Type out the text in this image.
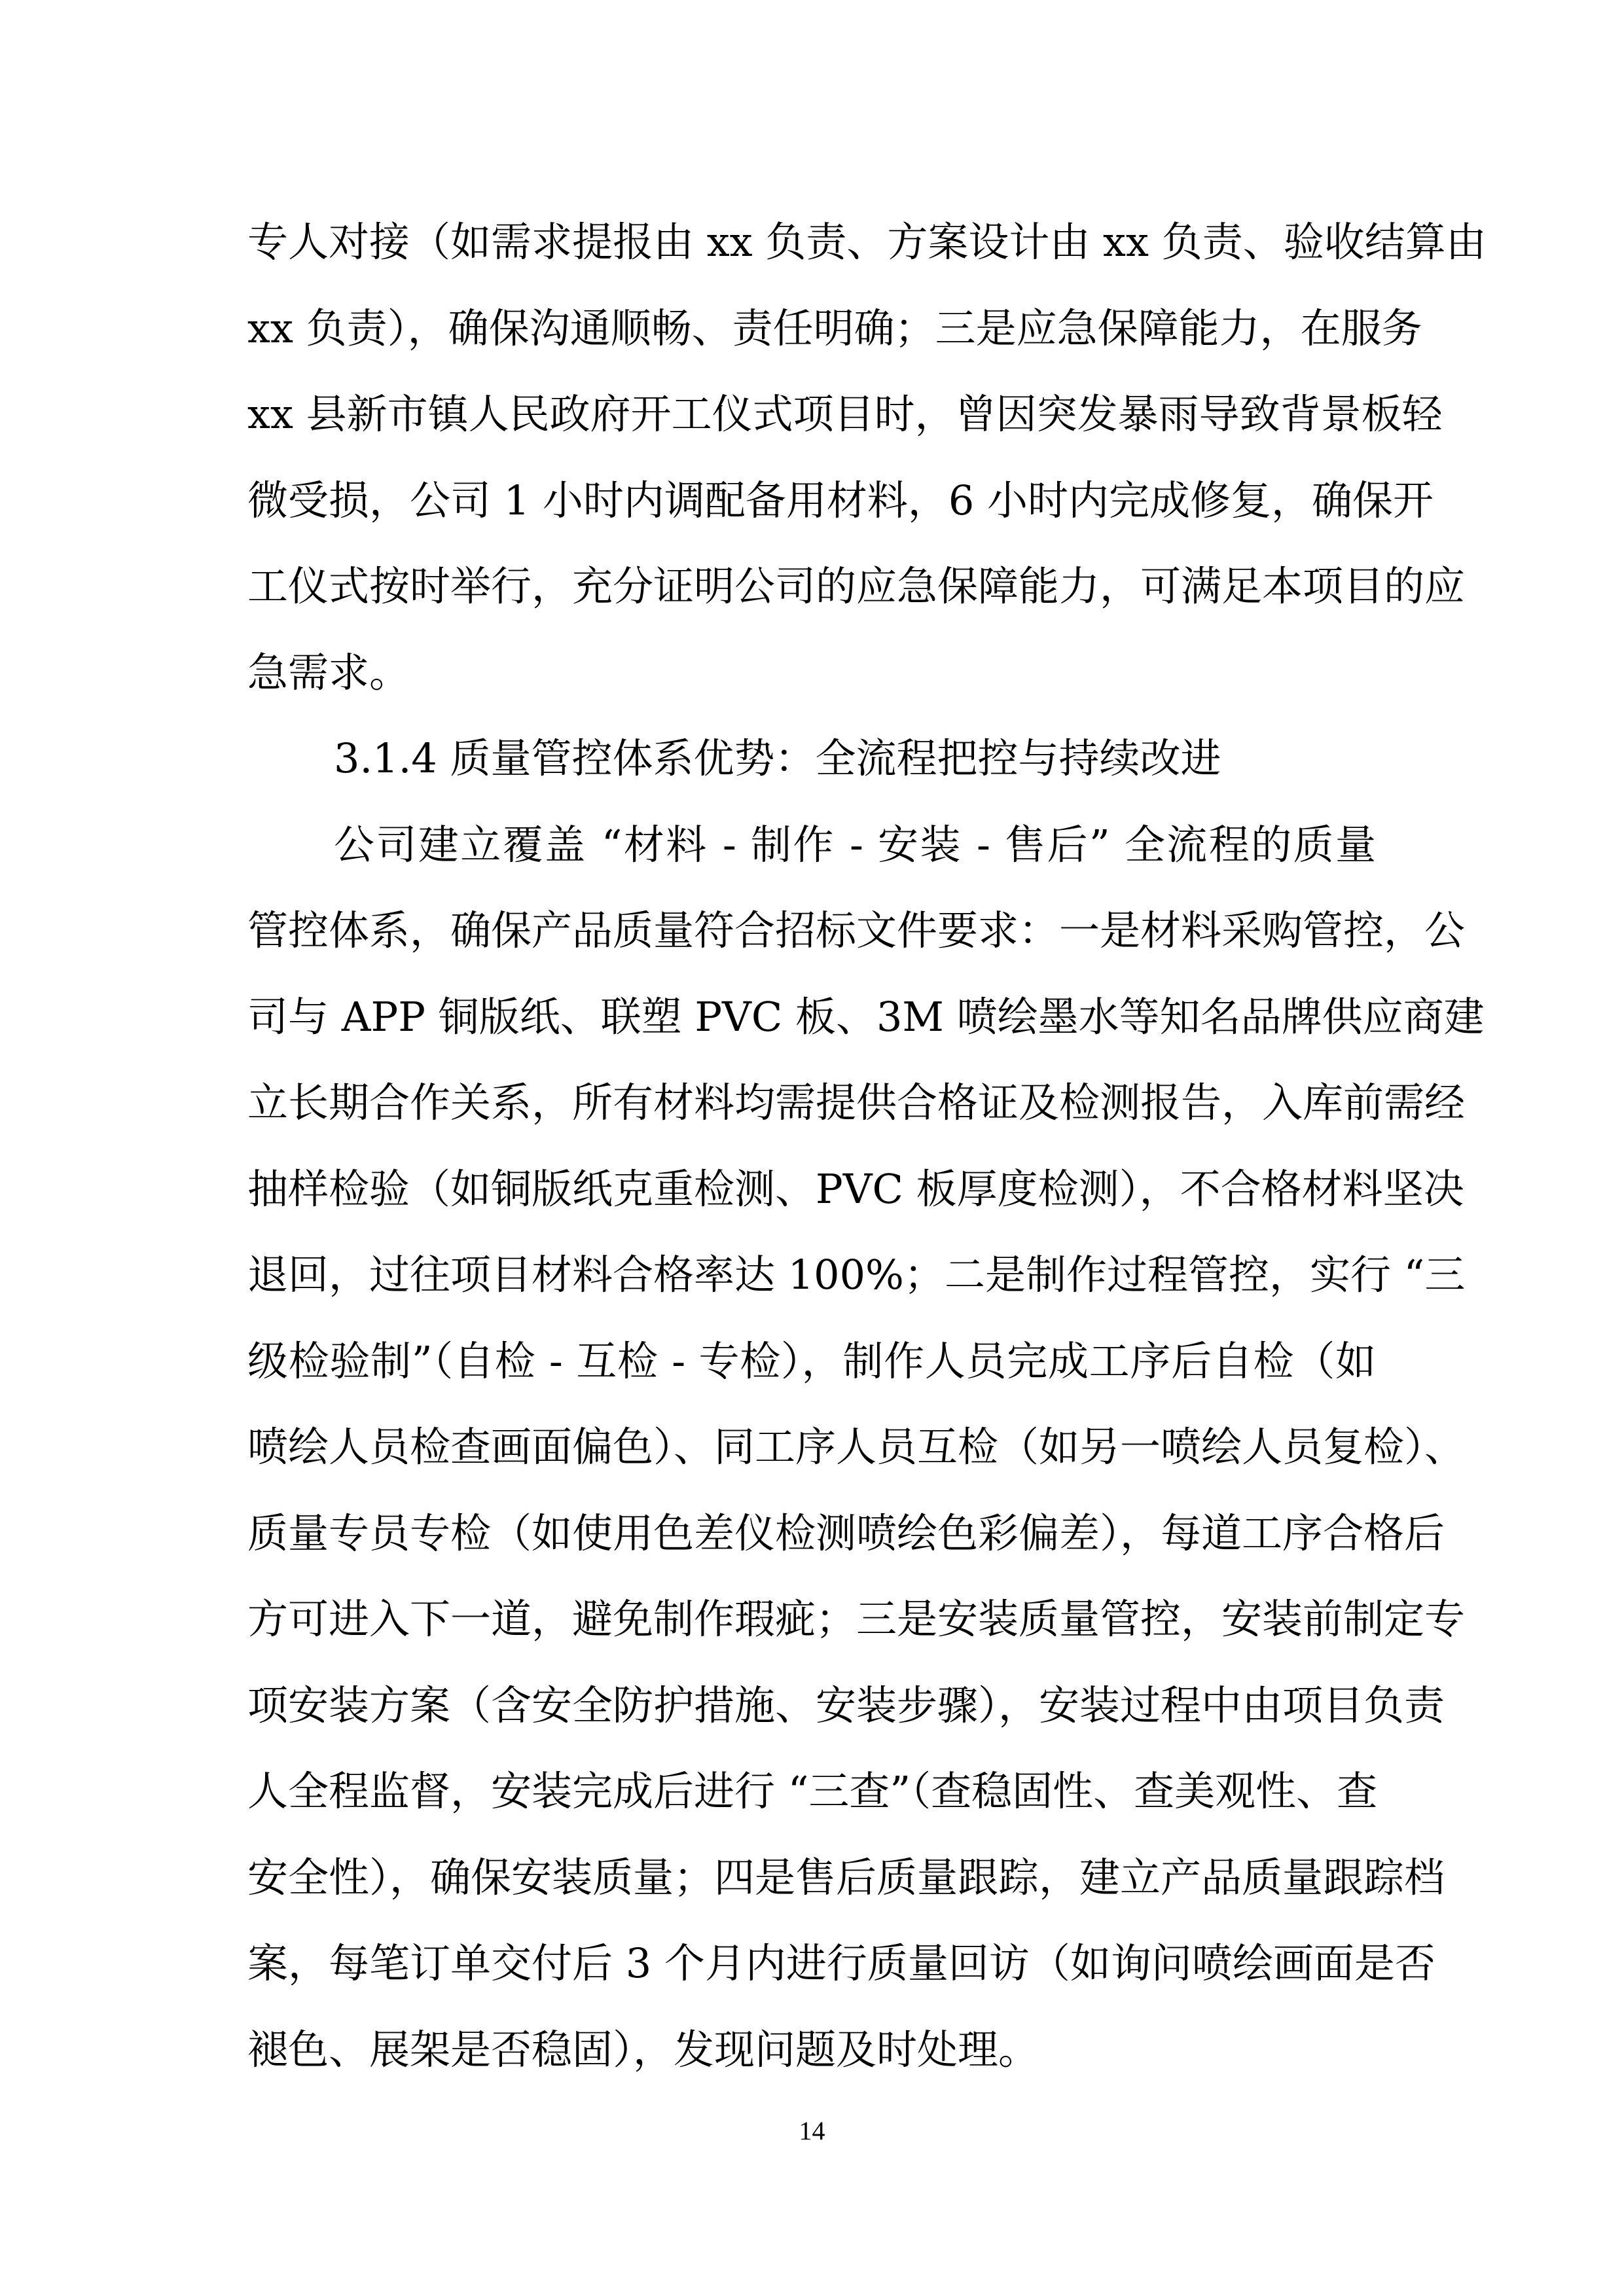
专人对接（如需求提报由 xx 负责、方案设计由 xx 负责、验收结算由
xx 负责），确保沟通顺畅、责任明确；三是应急保障能力，在服务
xx 县新市镇人民政府开工仪式项目时，曾因突发暴雨导致背景板轻
微受损，公司 1 小时内调配备用材料，6 小时内完成修复，确保开
工仪式按时举行，充分证明公司的应急保障能力，可满足本项目的应
急需求。
3.1.4 质量管控体系优势：全流程把控与持续改进
公司建立覆盖 “材料 - 制作 - 安装 - 售后” 全流程的质量
管控体系，确保产品质量符合招标文件要求：一是材料采购管控，公
司与 APP 铜版纸、联塑 PVC 板、3M 喷绘墨水等知名品牌供应商建
立长期合作关系，所有材料均需提供合格证及检测报告，入库前需经
抽样检验（如铜版纸克重检测、PVC 板厚度检测），不合格材料坚决
退回，过往项目材料合格率达 100%；二是制作过程管控，实行 “三
级检验制”（自检 - 互检 - 专检），制作人员完成工序后自检（如
喷绘人员检查画面偏色）、同工序人员互检（如另一喷绘人员复检）、
质量专员专检（如使用色差仪检测喷绘色彩偏差），每道工序合格后
方可进入下一道，避免制作瑕疵；三是安装质量管控，安装前制定专
项安装方案（含安全防护措施、安装步骤），安装过程中由项目负责
人全程监督，安装完成后进行 “三查”（查稳固性、查美观性、查
安全性），确保安装质量；四是售后质量跟踪，建立产品质量跟踪档
案，每笔订单交付后 3 个月内进行质量回访（如询问喷绘画面是否
褪色、展架是否稳固），发现问题及时处理。
14
